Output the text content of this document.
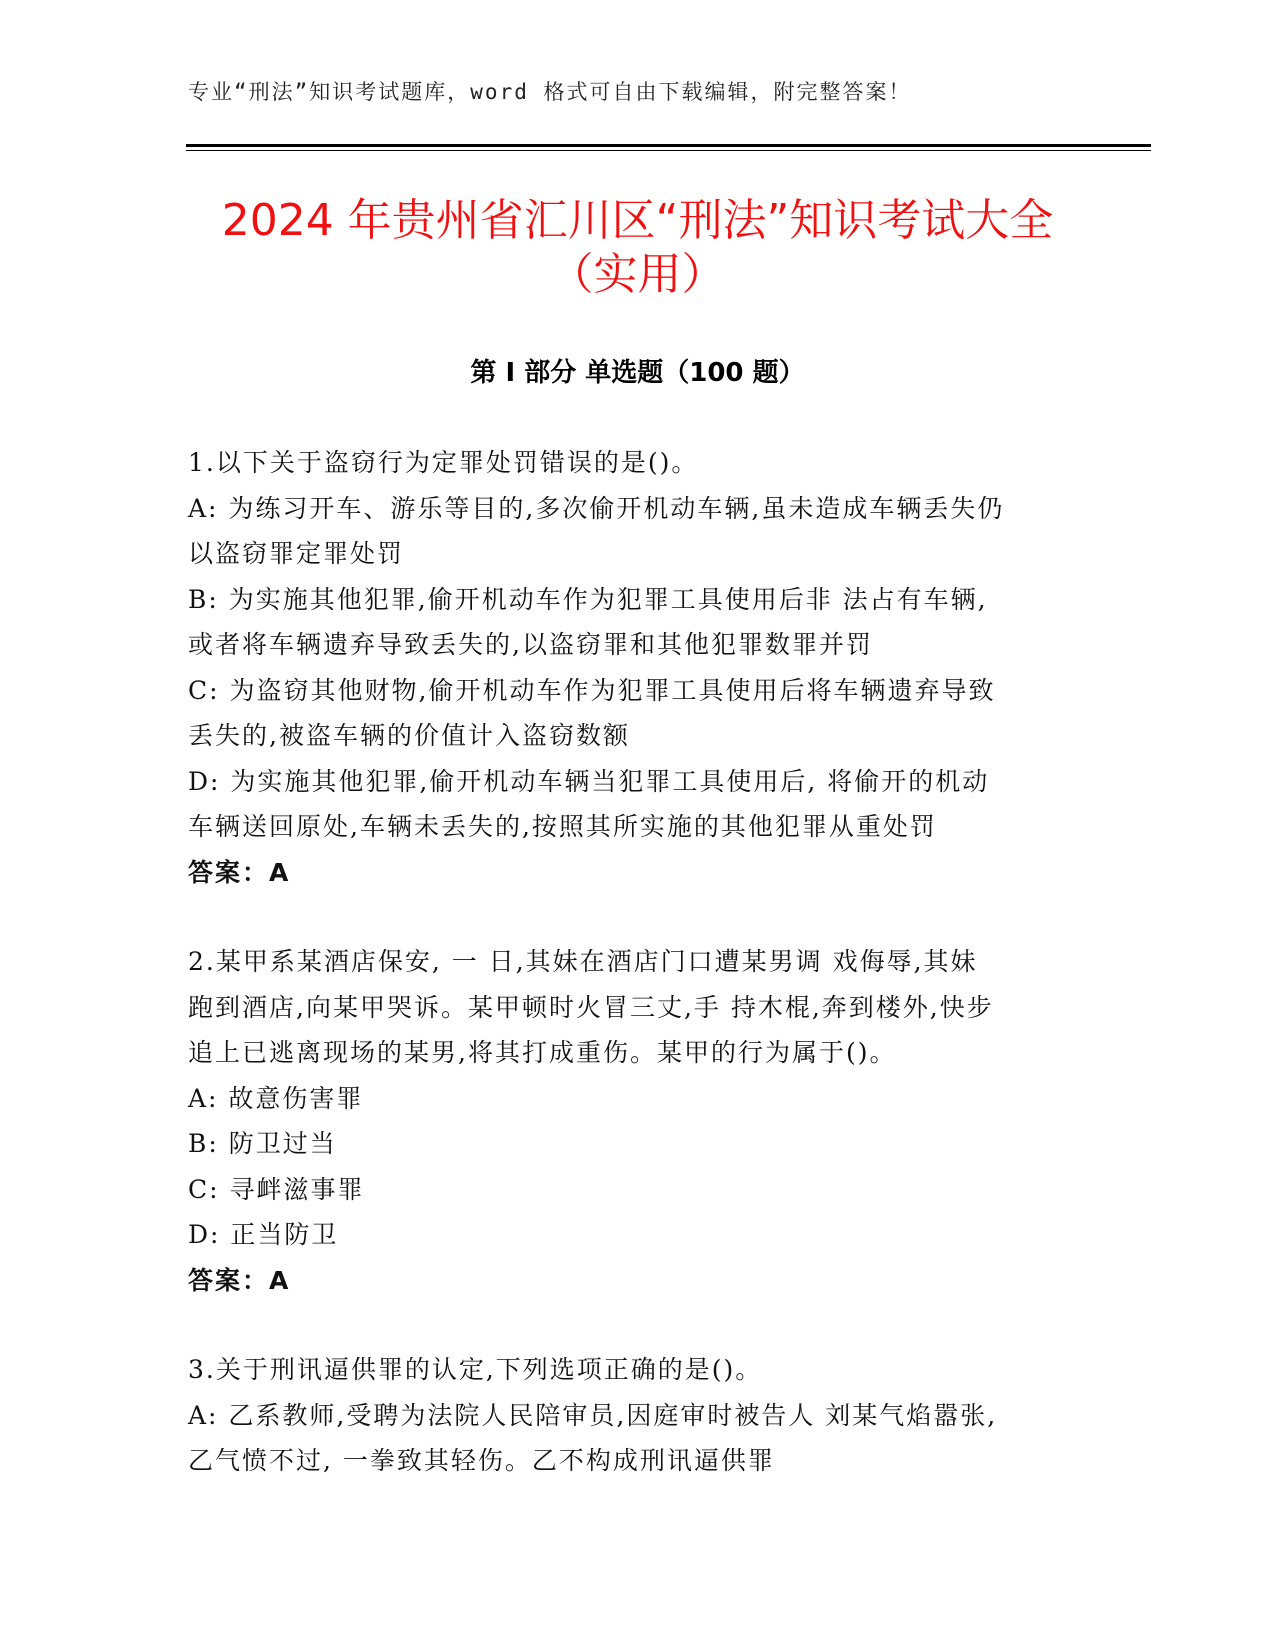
专业“刑法”知识考试题库，word 格式可自由下载编辑，附完整答案！
2024 年贵州省汇川区“刑法”知识考试大全
（实用）
第 I 部分 单选题（100 题）
1.以下关于盗窃行为定罪处罚错误的是()。
A: 为练习开车、游乐等目的,多次偷开机动车辆,虽未造成车辆丢失仍
以盗窃罪定罪处罚
B: 为实施其他犯罪,偷开机动车作为犯罪工具使用后非 法占有车辆,
或者将车辆遗弃导致丢失的,以盗窃罪和其他犯罪数罪并罚
C: 为盗窃其他财物,偷开机动车作为犯罪工具使用后将车辆遗弃导致
丢失的,被盗车辆的价值计入盗窃数额
D: 为实施其他犯罪,偷开机动车辆当犯罪工具使用后, 将偷开的机动
车辆送回原处,车辆未丢失的,按照其所实施的其他犯罪从重处罚
答案：A
2.某甲系某酒店保安, 一 日,其妹在酒店门口遭某男调 戏侮辱,其妹
跑到酒店,向某甲哭诉。某甲顿时火冒三丈,手 持木棍,奔到楼外,快步
追上已逃离现场的某男,将其打成重伤。某甲的行为属于()。
A: 故意伤害罪
B: 防卫过当
C: 寻衅滋事罪
D: 正当防卫
答案：A
3.关于刑讯逼供罪的认定,下列选项正确的是()。
A: 乙系教师,受聘为法院人民陪审员,因庭审时被告人 刘某气焰嚣张,
乙气愤不过, 一拳致其轻伤。乙不构成刑讯逼供罪
